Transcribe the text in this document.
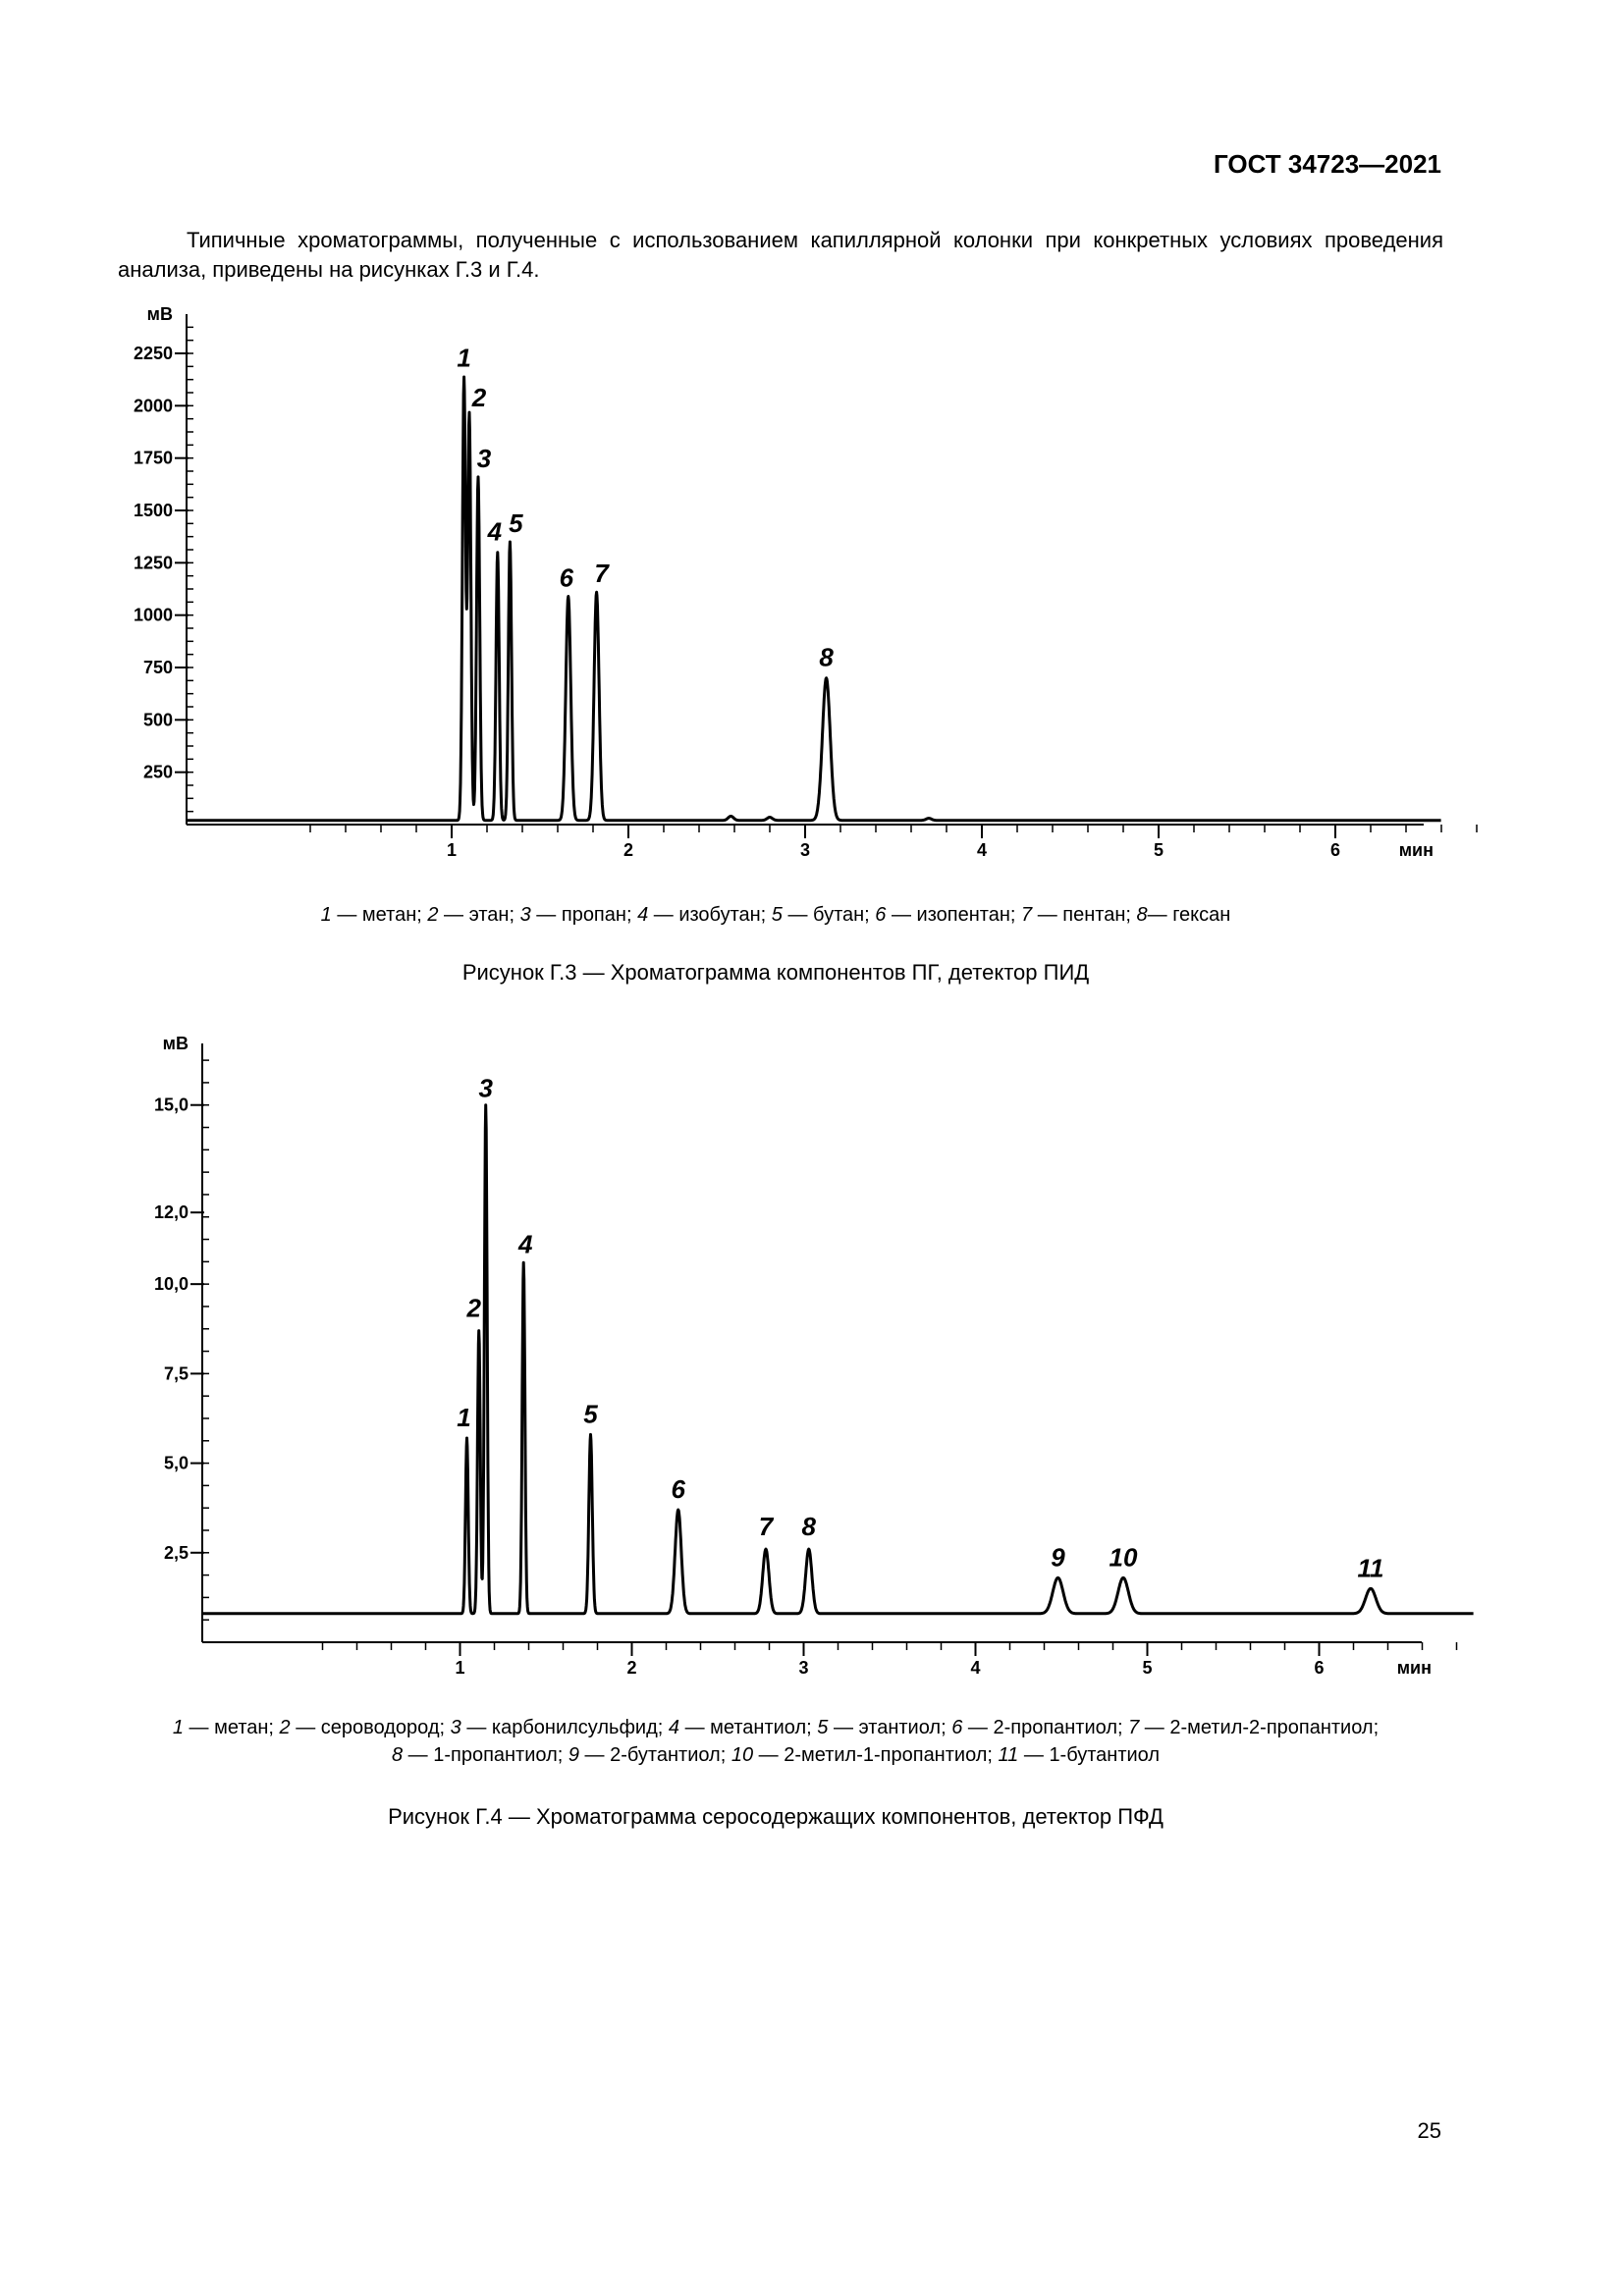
ГОСТ 34723—2021

Типичные хроматограммы, полученные с использованием капиллярной колонки при конкретных условиях проведения анализа, приведены на рисунках Г.3 и Г.4.

250
500
750
1000
1250
1500
1750
2000
2250
мВ
1	2	3	4	5	6	мин
1
2
3
4 5
6 7
8
1 — метан; 2 — этан; 3 — пропан; 4 — изобутан; 5 — бутан; 6 — изопентан; 7 — пентан; 8— гексан
Рисунок Г.3 — Хроматограмма компонентов ПГ, детектор ПИД
2,5
5,0
7,5
10,0
12,0
15,0
мВ
1	2	3	4	5	6	мин
1
2
3
4
5
6
7 8
9 10	11
1 — метан; 2 — сероводород; 3 — карбонилсульфид; 4 — метантиол; 5 — этантиол; 6 — 2-пропантиол; 7 — 2-метил-2-пропантиол;
8 — 1-пропантиол; 9 — 2-бутантиол; 10 — 2-метил-1-пропантиол; 11 — 1-бутантиол
Рисунок Г.4 — Хроматограмма серосодержащих компонентов, детектор ПФД
25
